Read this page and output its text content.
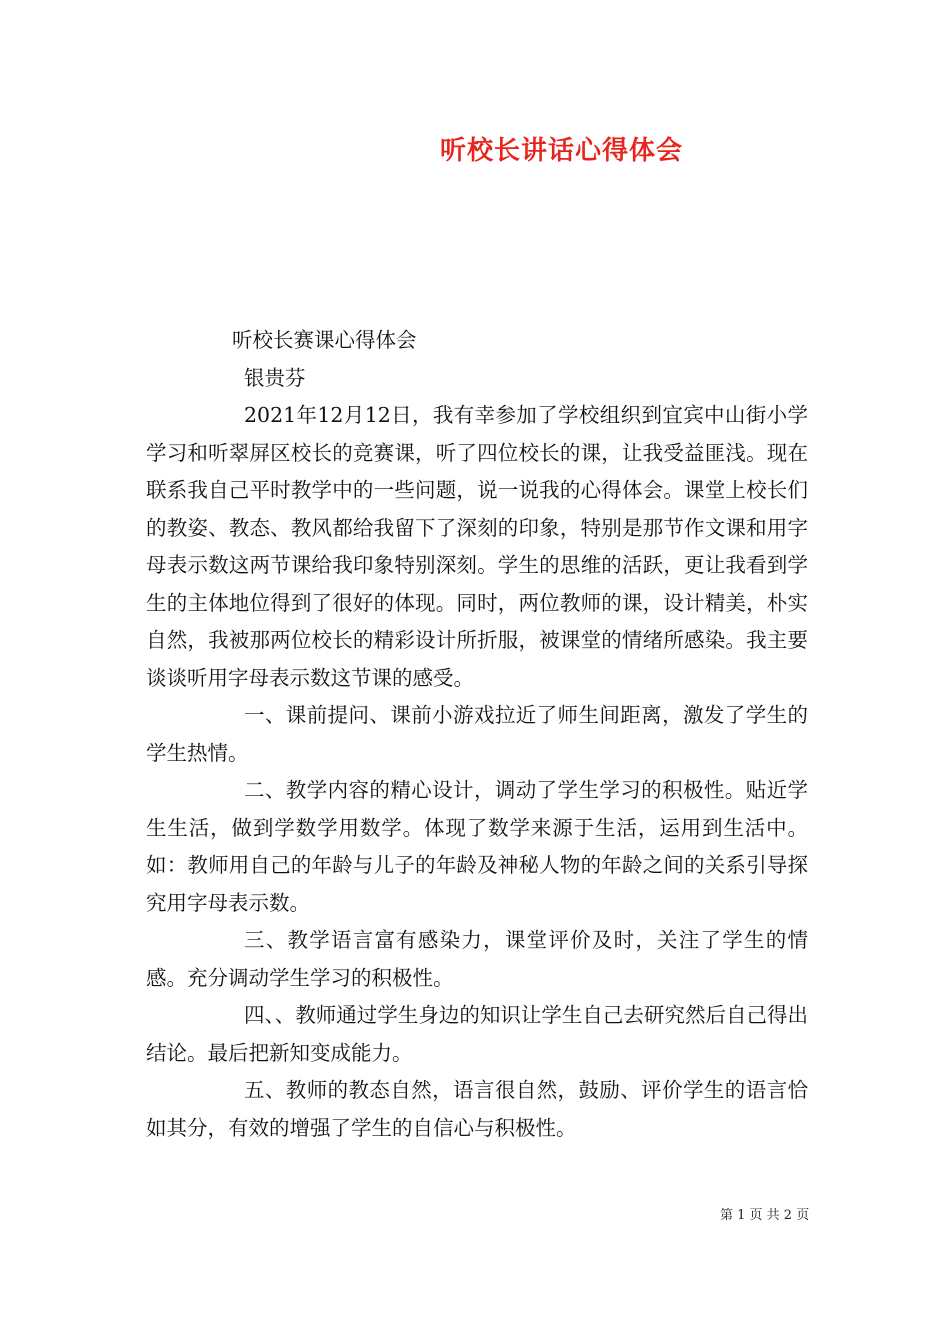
听校长讲话心得体会

听校长赛课心得体会

银贵芬

2021年12月12日，我有幸参加了学校组织到宜宾中山街小学学习和听翠屏区校长的竞赛课，听了四位校长的课，让我受益匪浅。现在联系我自己平时教学中的一些问题，说一说我的心得体会。课堂上校长们的教姿、教态、教风都给我留下了深刻的印象，特别是那节作文课和用字母表示数这两节课给我印象特别深刻。学生的思维的活跃，更让我看到学生的主体地位得到了很好的体现。同时，两位教师的课，设计精美，朴实自然，我被那两位校长的精彩设计所折服，被课堂的情绪所感染。我主要谈谈听用字母表示数这节课的感受。

一、课前提问、课前小游戏拉近了师生间距离，激发了学生的学生热情。

二、教学内容的精心设计，调动了学生学习的积极性。贴近学生生活，做到学数学用数学。体现了数学来源于生活，运用到生活中。如：教师用自己的年龄与儿子的年龄及神秘人物的年龄之间的关系引导探究用字母表示数。

三、教学语言富有感染力，课堂评价及时，关注了学生的情感。充分调动学生学习的积极性。

四、、教师通过学生身边的知识让学生自己去研究然后自己得出结论。最后把新知变成能力。

五、教师的教态自然，语言很自然，鼓励、评价学生的语言恰如其分，有效的增强了学生的自信心与积极性。

第 1 页 共 2 页
